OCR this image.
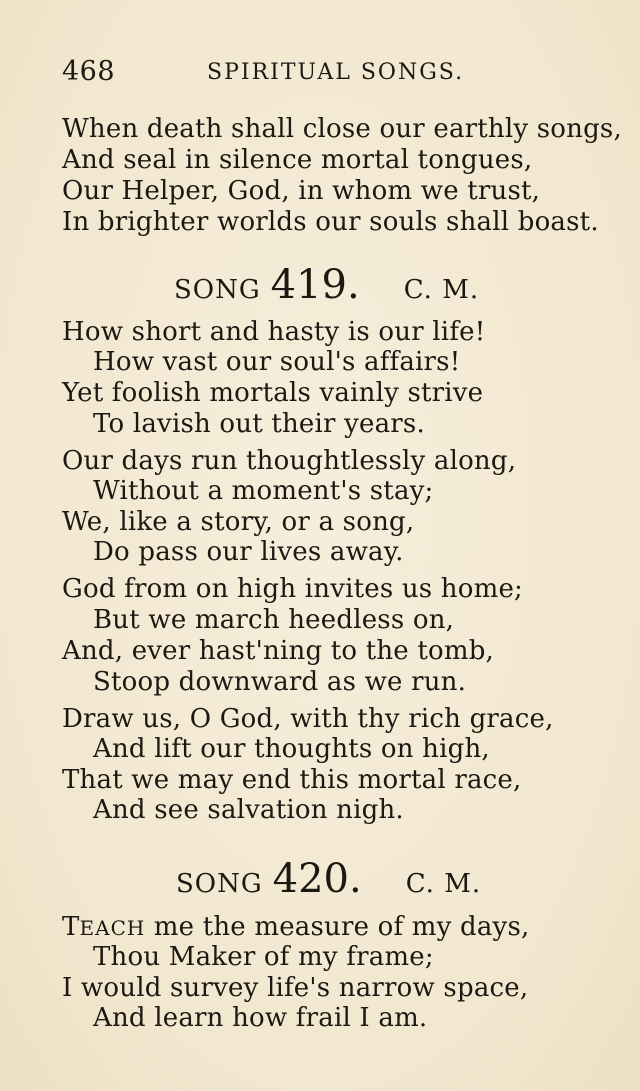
468	SPIRITUAL SONGS.
When death shall close our earthly songs,
And seal in silence mortal tongues,
Our Helper, God, in whom we trust,
In brighter worlds our souls shall boast.
SONG 419. C. M.
How short and hasty is our life!
How vast our soul's affairs!
Yet foolish mortals vainly strive
To lavish out their years.
Our days run thoughtlessly along,
Without a moment's stay;
We, like a story, or a song,
Do pass our lives away.
God from on high invites us home;
But we march heedless on,
And, ever hast'ning to the tomb,
Stoop downward as we run.
Draw us, O God, with thy rich grace,
And lift our thoughts on high,
That we may end this mortal race,
And see salvation nigh.
SONG 420. C. M.
TEACH me the measure of my days,
Thou Maker of my frame;
I would survey life's narrow space,
And learn how frail I am.
